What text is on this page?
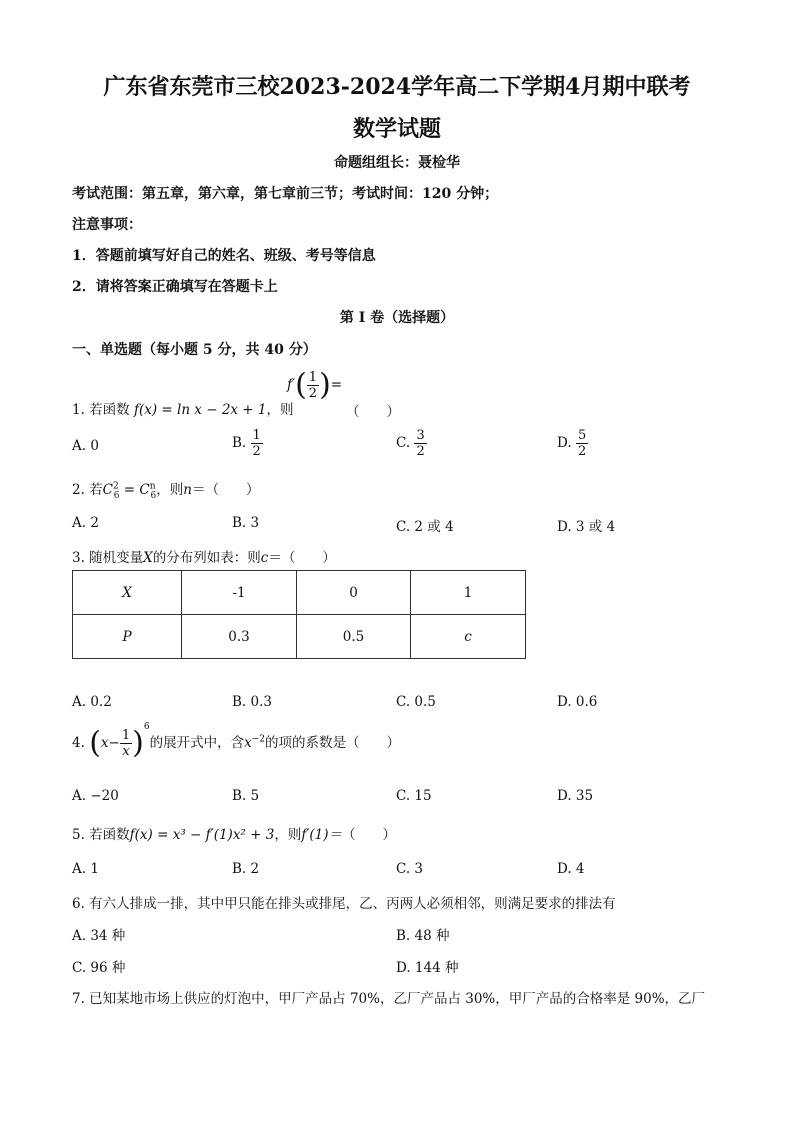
广东省东莞市三校2023-2024学年高二下学期4月期中联考
数学试题
命题组组长：聂检华
考试范围：第五章，第六章，第七章前三节；考试时间：120 分钟；
注意事项：
1．答题前填写好自己的姓名、班级、考号等信息
2．请将答案正确填写在答题卡上
第 I 卷（选择题）
一、单选题（每小题 5 分，共 40 分）
1. 若函数 f(x) = ln x − 2x + 1，则
$f'( \frac{1}{2}$ )=
（　　）
A. 0	B. $\frac{1}{2}$	C. $\frac{3}{2}$	D. $\frac{5}{2}$
2. 若$C^2_6 = C^n_6$，则n＝（　　）
A. 2	B. 3	C. 2 或 4	D. 3 或 4
3. 随机变量X的分布列如表：则c＝（　　）
X	-1	0	1
P	0.3	0.5	c
A. 0.2	B. 0.3	C. 0.5	D. 0.6
4. $(x- \frac{1}{x} )^6$的展开式中，含$x^{-2}$的项的系数是（　　）
A. −20	B. 5	C. 15	D. 35
5. 若函数f(x) = x³ − f′(1)x² + 3，则f′(1)＝（　　）
A. 1	B. 2	C. 3	D. 4
6. 有六人排成一排，其中甲只能在排头或排尾，乙、丙两人必须相邻，则满足要求的排法有
A. 34 种	B. 48 种
C. 96 种	D. 144 种
7. 已知某地市场上供应的灯泡中，甲厂产品占 70%，乙厂产品占 30%，甲厂产品的合格率是 90%，乙厂
